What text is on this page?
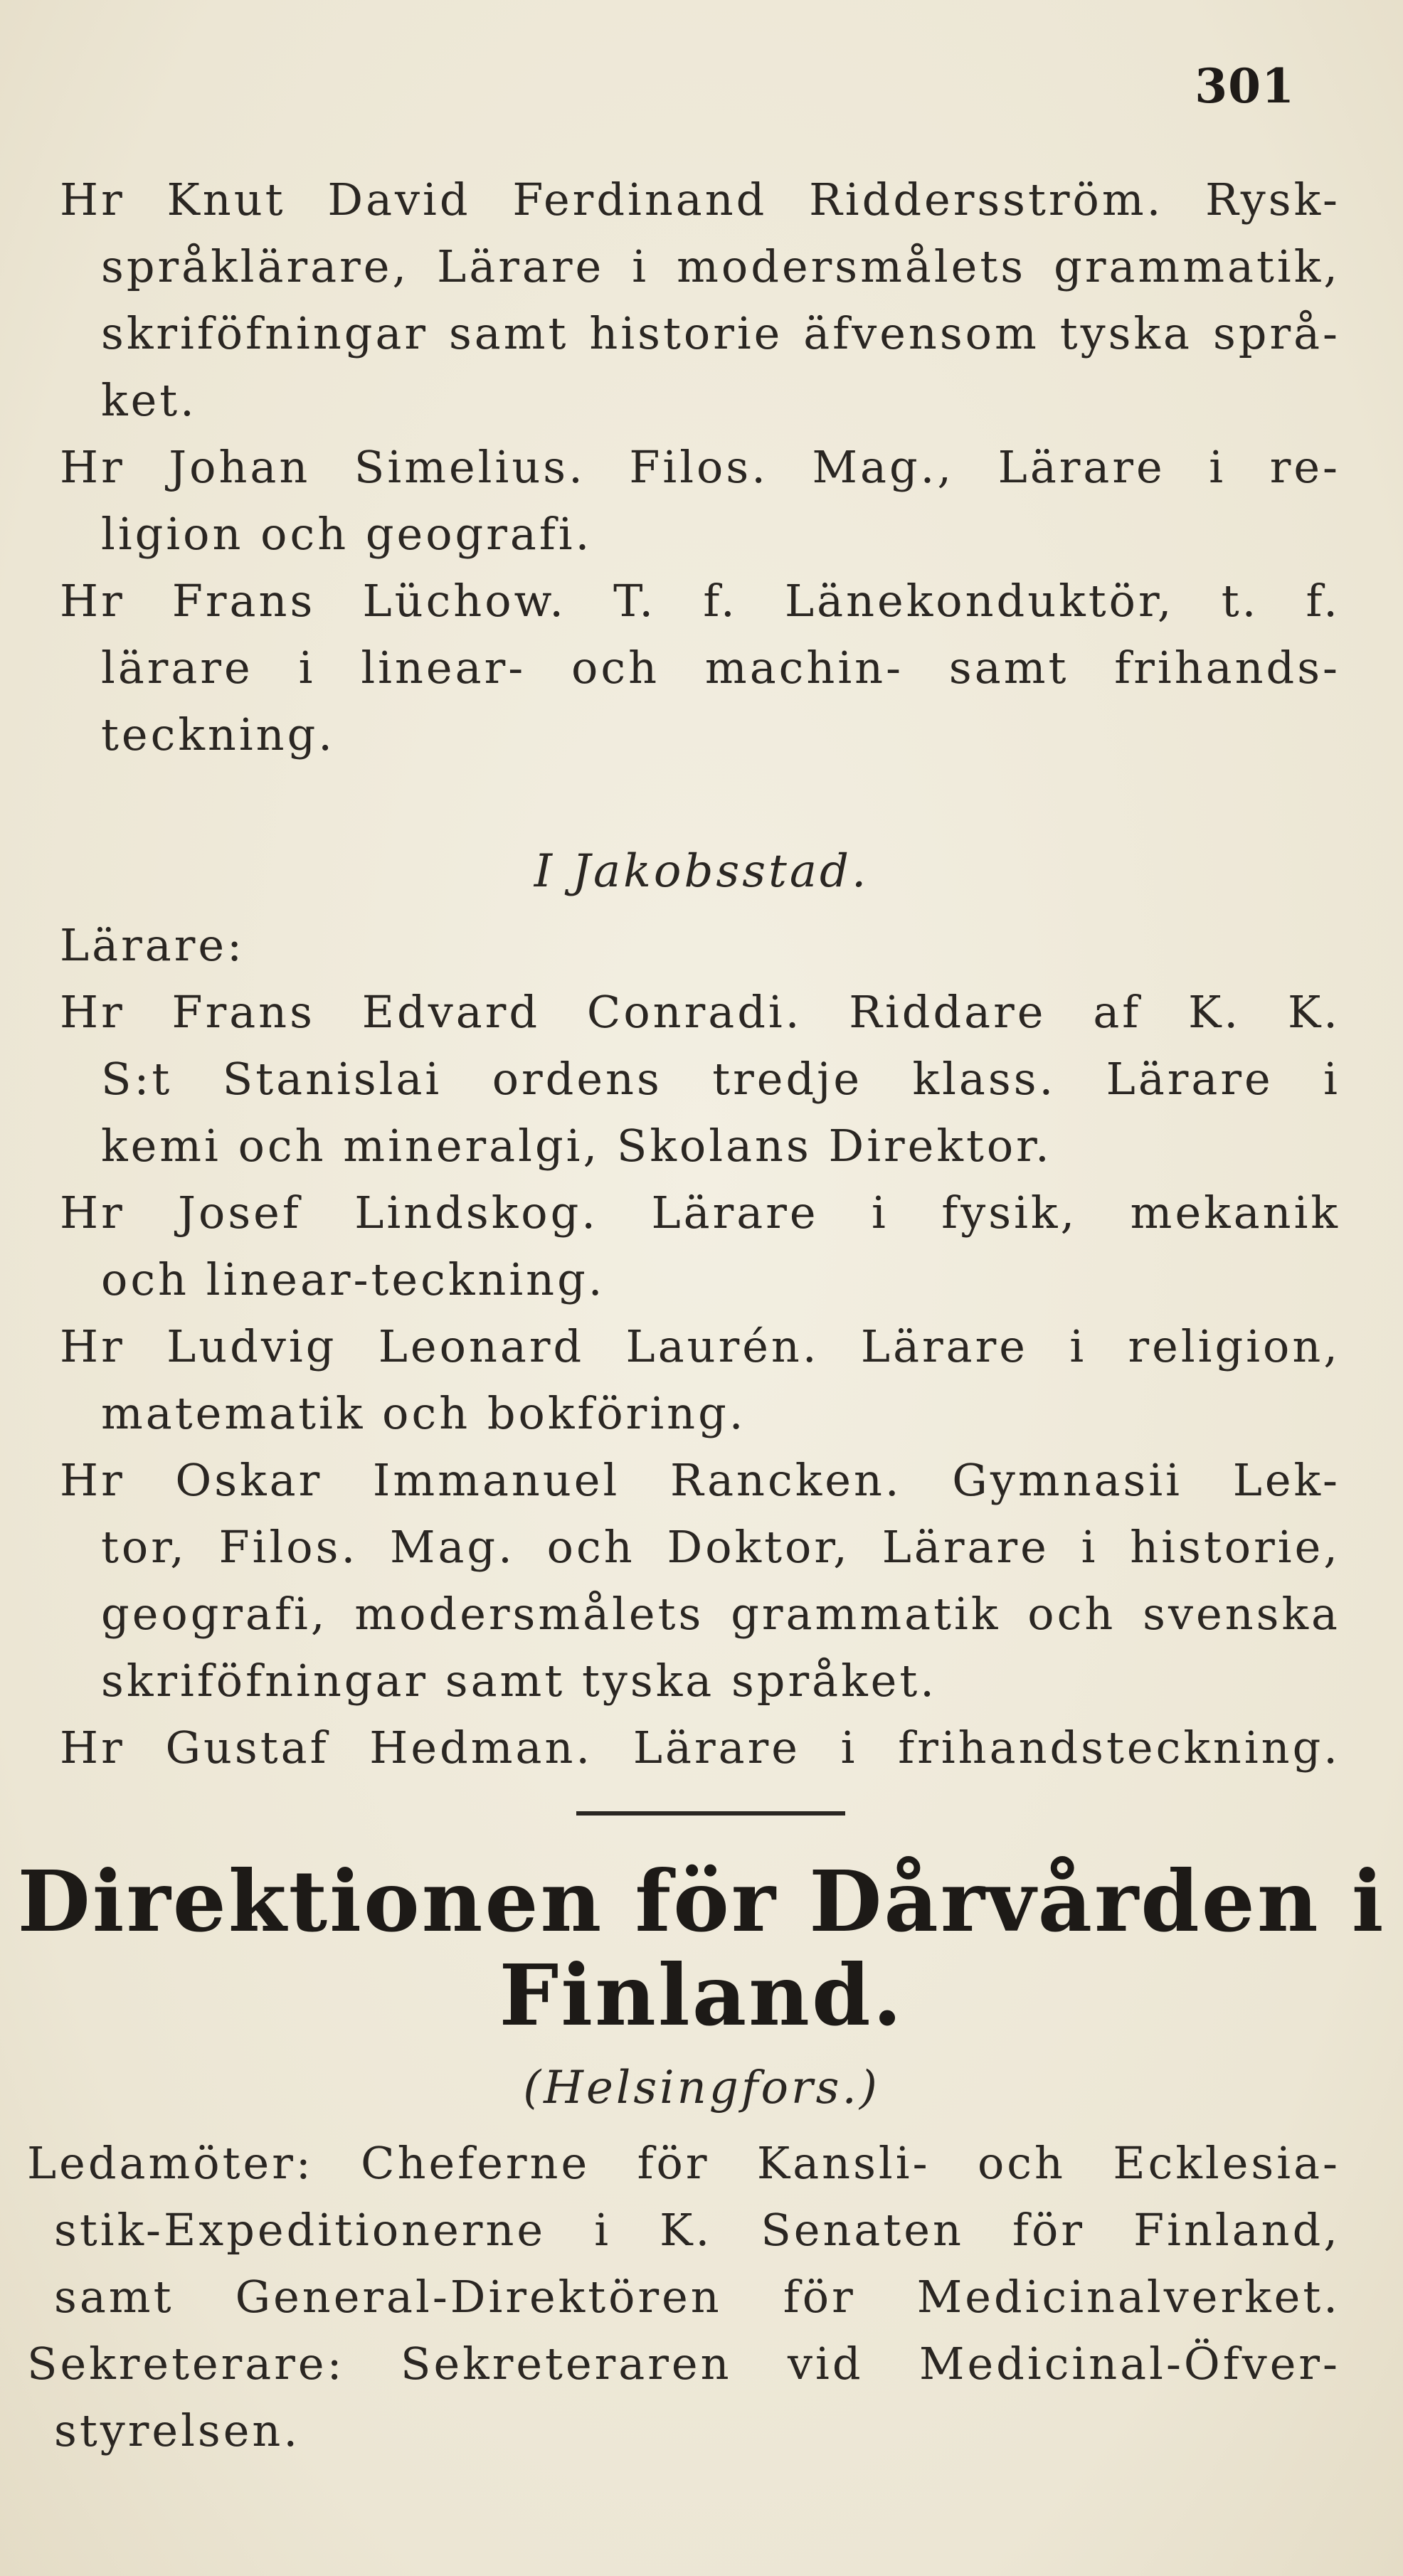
301
Hr Knut David Ferdinand Riddersström. Rysk-
språklärare, Lärare i modersmålets grammatik,
skriföfningar samt historie äfvensom tyska språ-
ket.
Hr Johan Simelius. Filos. Mag., Lärare i re-
ligion och geografi.
Hr Frans Lüchow. T. f. Länekonduktör, t. f.
lärare i linear- och machin- samt frihands-
teckning.
I Jakobsstad.
Lärare:
Hr Frans Edvard Conradi. Riddare af K. K.
S:t Stanislai ordens tredje klass. Lärare i
kemi och mineralgi, Skolans Direktor.
Hr Josef Lindskog. Lärare i fysik, mekanik
och linear-teckning.
Hr Ludvig Leonard Laurén. Lärare i religion,
matematik och bokföring.
Hr Oskar Immanuel Rancken. Gymnasii Lek-
tor, Filos. Mag. och Doktor, Lärare i historie,
geografi, modersmålets grammatik och svenska
skriföfningar samt tyska språket.
Hr Gustaf Hedman. Lärare i frihandsteckning.
Direktionen för Dårvården i
Finland.
(Helsingfors.)
Ledamöter: Cheferne för Kansli- och Ecklesia-
stik-Expeditionerne i K. Senaten för Finland,
samt General-Direktören för Medicinalverket.
Sekreterare: Sekreteraren vid Medicinal-Öfver-
styrelsen.
